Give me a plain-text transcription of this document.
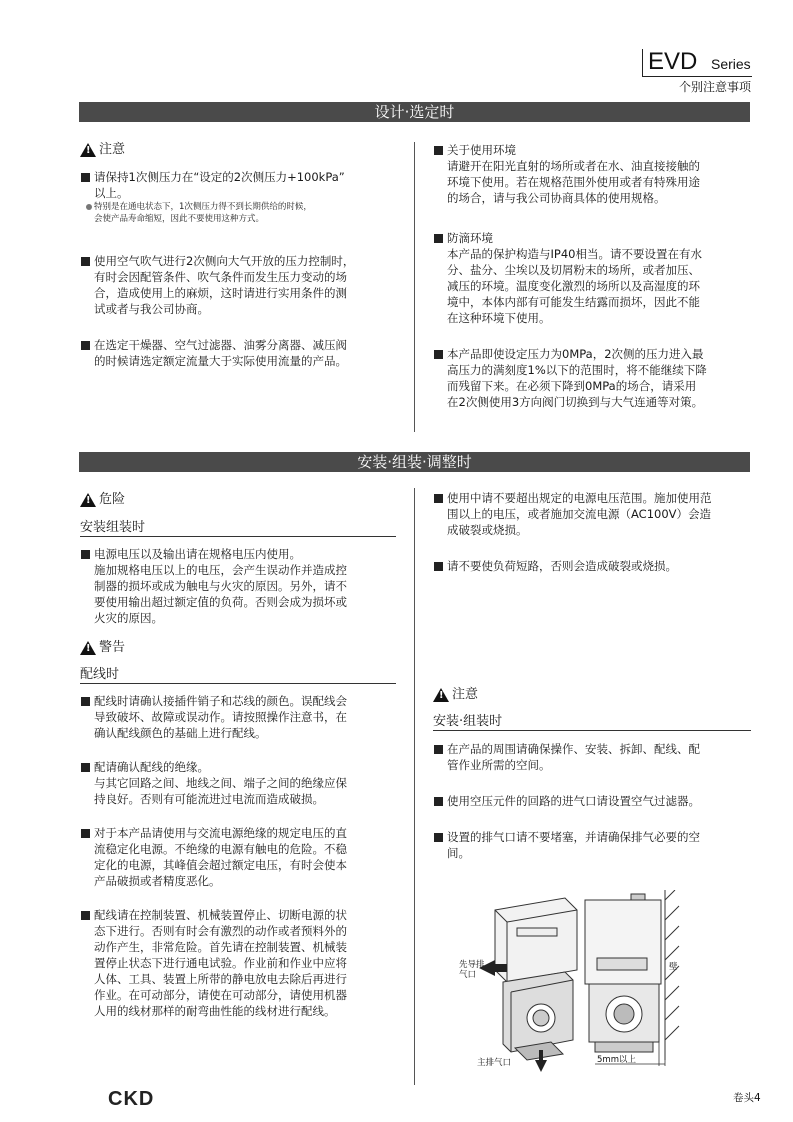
EVD Series
个别注意事项
设计·选定时
!
注意
请保持1次侧压力在“设定的2次侧压力+100kPa”
以上。
特别是在通电状态下，1次侧压力得不到长期供给的时候，
会使产品寿命缩短，因此不要使用这种方式。
使用空气吹气进行2次侧向大气开放的压力控制时，
有时会因配管条件、吹气条件而发生压力变动的场
合，造成使用上的麻烦，这时请进行实用条件的测
试或者与我公司协商。
在选定干燥器、空气过滤器、油雾分离器、减压阀
的时候请选定额定流量大于实际使用流量的产品。
关于使用环境
请避开在阳光直射的场所或者在水、油直接接触的
环境下使用。若在规格范围外使用或者有特殊用途
的场合，请与我公司协商具体的使用规格。
防滴环境
本产品的保护构造与IP40相当。请不要设置在有水
分、盐分、尘埃以及切屑粉末的场所，或者加压、
减压的环境。温度变化激烈的场所以及高湿度的环
境中，本体内部有可能发生结露而损坏，因此不能
在这种环境下使用。
本产品即使设定压力为0MPa，2次侧的压力进入最
高压力的满刻度1%以下的范围时，将不能继续下降
而残留下来。在必须下降到0MPa的场合，请采用
在2次侧使用3方向阀门切换到与大气连通等对策。
安装·组装·调整时
!
危险
安装组装时
电源电压以及输出请在规格电压内使用。
施加规格电压以上的电压，会产生误动作并造成控
制器的损坏或成为触电与火灾的原因。另外，请不
要使用输出超过额定值的负荷。否则会成为损坏或
火灾的原因。
!
警告
配线时
配线时请确认接插件销子和芯线的颜色。误配线会
导致破坏、故障或误动作。请按照操作注意书，在
确认配线颜色的基础上进行配线。
配请确认配线的绝缘。
与其它回路之间、地线之间、端子之间的绝缘应保
持良好。否则有可能流进过电流而造成破损。
对于本产品请使用与交流电源绝缘的规定电压的直
流稳定化电源。不绝缘的电源有触电的危险。不稳
定化的电源，其峰值会超过额定电压，有时会使本
产品破损或者精度恶化。
配线请在控制装置、机械装置停止、切断电源的状
态下进行。否则有时会有激烈的动作或者预料外的
动作产生，非常危险。首先请在控制装置、机械装
置停止状态下进行通电试验。作业前和作业中应将
人体、工具、装置上所带的静电放电去除后再进行
作业。在可动部分，请使在可动部分，请使用机器
人用的线材那样的耐弯曲性能的线材进行配线。
使用中请不要超出规定的电源电压范围。施加使用范
围以上的电压，或者施加交流电源（AC100V）会造
成破裂或烧损。
请不要使负荷短路，否则会造成破裂或烧损。
!
注意
安装·组装时
在产品的周围请确保操作、安装、拆卸、配线、配
管作业所需的空间。
使用空压元件的回路的进气口请设置空气过滤器。
设置的排气口请不要堵塞，并请确保排气必要的空
间。
先导排
气口
主排气口
壁
5mm以上
CKD	卷头4
